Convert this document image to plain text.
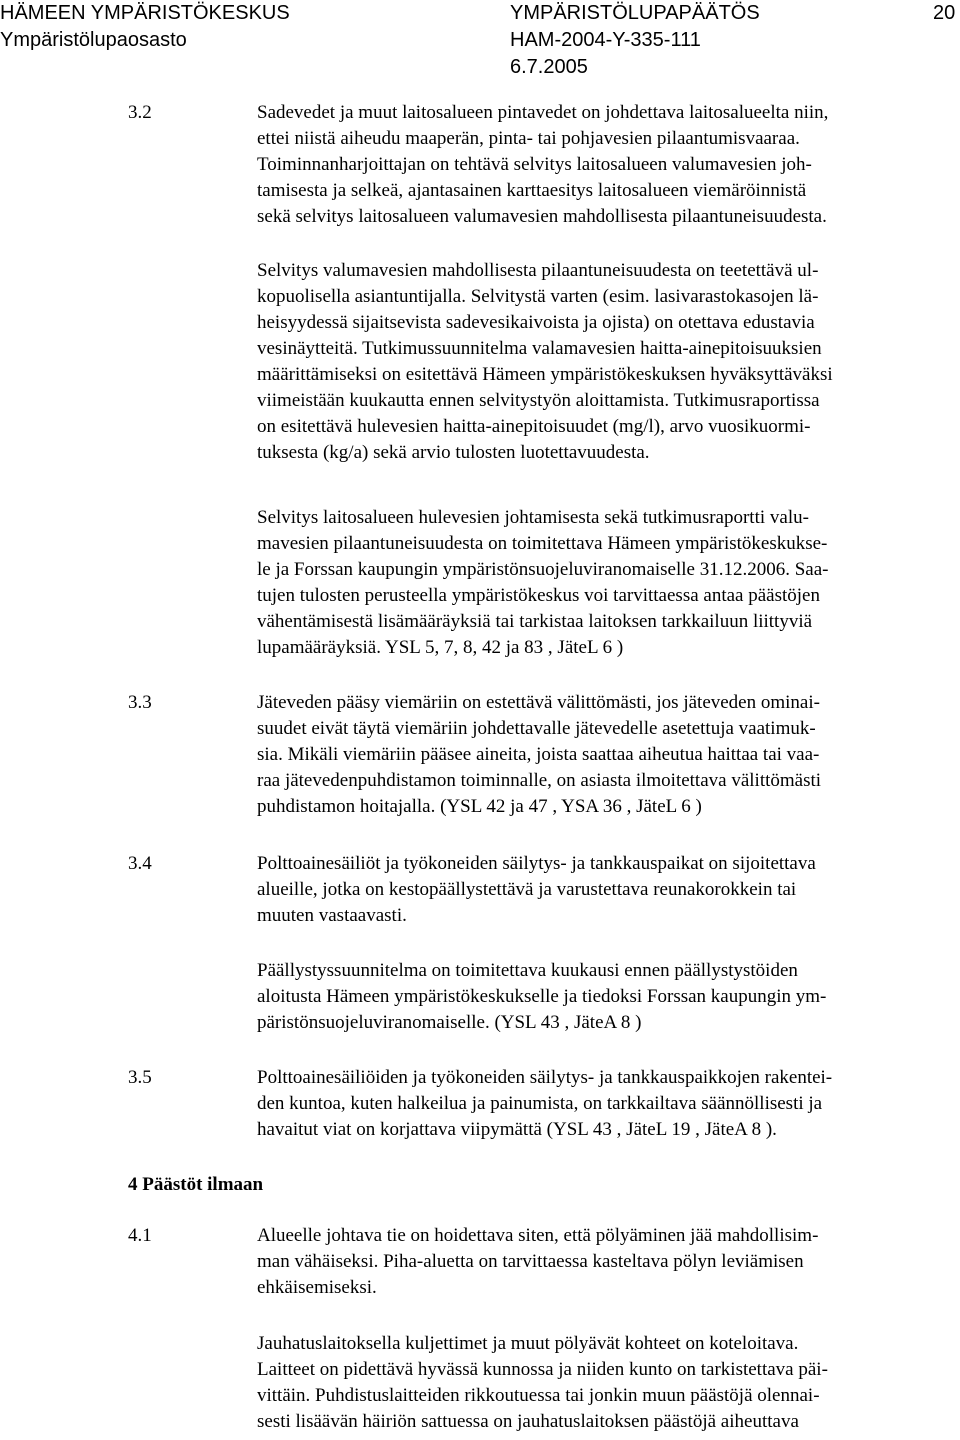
HÄMEEN YMPÄRISTÖKESKUS	YMPÄRISTÖLUPAPÄÄTÖS	20
Ympäristölupaosasto	HAM-2004-Y-335-111
6.7.2005
3.2	Sadevedet ja muut laitosalueen pintavedet on johdettava laitosalueelta niin,
ettei niistä aiheudu maaperän, pinta- tai pohjavesien pilaantumisvaaraa.
Toiminnanharjoittajan on tehtävä selvitys laitosalueen valumavesien joh-
tamisesta ja selkeä, ajantasainen karttaesitys laitosalueen viemäröinnistä
sekä selvitys laitosalueen valumavesien mahdollisesta pilaantuneisuudesta.
Selvitys valumavesien mahdollisesta pilaantuneisuudesta on teetettävä ul-
kopuolisella asiantuntijalla. Selvitystä varten (esim. lasivarastokasojen lä-
heisyydessä sijaitsevista sadevesikaivoista ja ojista) on otettava edustavia
vesinäytteitä. Tutkimussuunnitelma valamavesien haitta-ainepitoisuuksien
määrittämiseksi on esitettävä Hämeen ympäristökeskuksen hyväksyttäväksi
viimeistään kuukautta ennen selvitystyön aloittamista. Tutkimusraportissa
on esitettävä hulevesien haitta-ainepitoisuudet (mg/l), arvo vuosikuormi-
tuksesta (kg/a) sekä arvio tulosten luotettavuudesta.
Selvitys laitosalueen hulevesien johtamisesta sekä tutkimusraportti valu-
mavesien pilaantuneisuudesta on toimitettava Hämeen ympäristökeskukse-
le ja Forssan kaupungin ympäristönsuojeluviranomaiselle 31.12.2006. Saa-
tujen tulosten perusteella ympäristökeskus voi tarvittaessa antaa päästöjen
vähentämisestä lisämääräyksiä tai tarkistaa laitoksen tarkkailuun liittyviä
lupamääräyksiä. YSL 5, 7, 8, 42 ja 83 , JäteL 6 )
3.3	Jäteveden pääsy viemäriin on estettävä välittömästi, jos jäteveden ominai-
suudet eivät täytä viemäriin johdettavalle jätevedelle asetettuja vaatimuk-
sia. Mikäli viemäriin pääsee aineita, joista saattaa aiheutua haittaa tai vaa-
raa jätevedenpuhdistamon toiminnalle, on asiasta ilmoitettava välittömästi
puhdistamon hoitajalla. (YSL 42 ja 47 , YSA 36 , JäteL 6 )
3.4	Polttoainesäiliöt ja työkoneiden säilytys- ja tankkauspaikat on sijoitettava
alueille, jotka on kestopäällystettävä ja varustettava reunakorokkein tai
muuten vastaavasti.
Päällystyssuunnitelma on toimitettava kuukausi ennen päällystystöiden
aloitusta Hämeen ympäristökeskukselle ja tiedoksi Forssan kaupungin ym-
päristönsuojeluviranomaiselle. (YSL 43 , JäteA 8 )
3.5	Polttoainesäiliöiden ja työkoneiden säilytys- ja tankkauspaikkojen rakentei-
den kuntoa, kuten halkeilua ja painumista, on tarkkailtava säännöllisesti ja
havaitut viat on korjattava viipymättä (YSL 43 , JäteL 19 , JäteA 8 ).
4 Päästöt ilmaan
4.1	Alueelle johtava tie on hoidettava siten, että pölyäminen jää mahdollisim-
man vähäiseksi. Piha-aluetta on tarvittaessa kasteltava pölyn leviämisen
ehkäisemiseksi.
Jauhatuslaitoksella kuljettimet ja muut pölyävät kohteet on koteloitava.
Laitteet on pidettävä hyvässä kunnossa ja niiden kunto on tarkistettava päi-
vittäin. Puhdistuslaitteiden rikkoutuessa tai jonkin muun päästöjä olennai-
sesti lisäävän häiriön sattuessa on jauhatuslaitoksen päästöjä aiheuttava
